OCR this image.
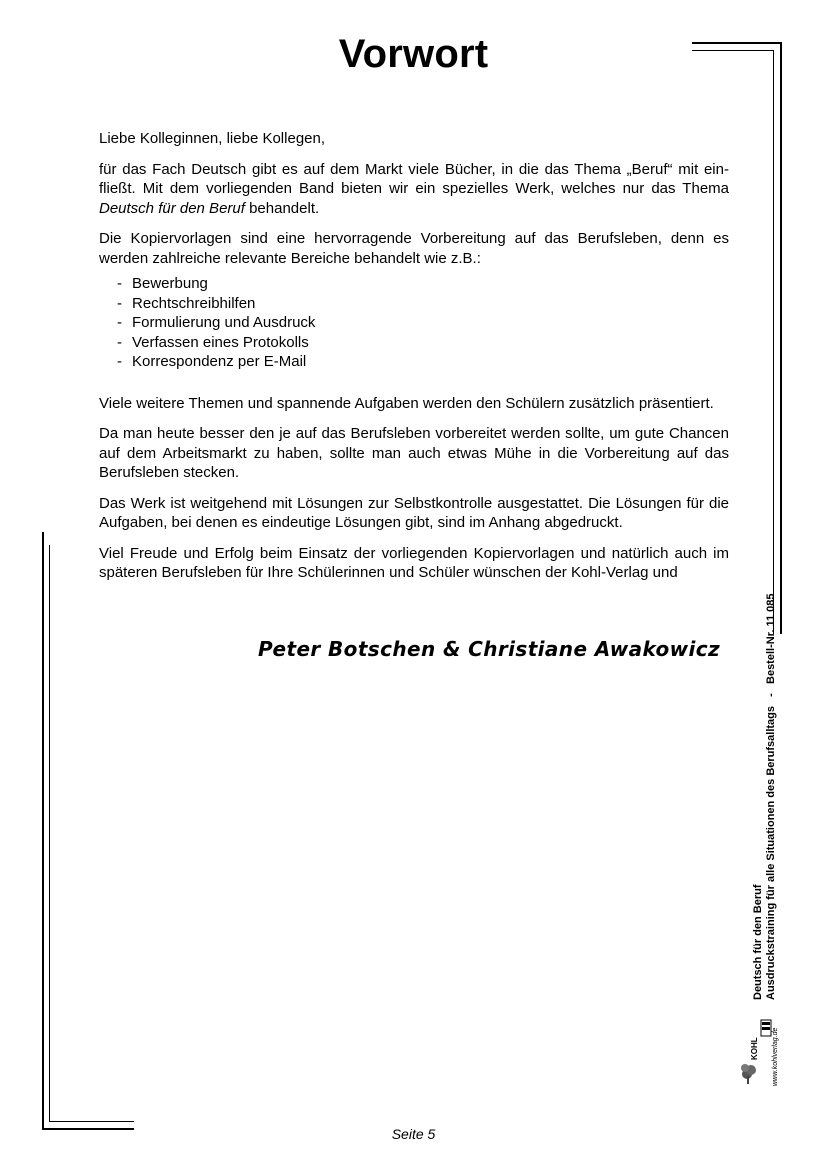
Vorwort

Liebe Kolleginnen, liebe Kollegen,

für das Fach Deutsch gibt es auf dem Markt viele Bücher, in die das Thema „Beruf“ mit einfließt. Mit dem vorliegenden Band bieten wir ein spezielles Werk, welches nur das Thema Deutsch für den Beruf behandelt.

Die Kopiervorlagen sind eine hervorragende Vorbereitung auf das Berufsleben, denn es werden zahlreiche relevante Bereiche behandelt wie z.B.:

- Bewerbung
- Rechtschreibhilfen
- Formulierung und Ausdruck
- Verfassen eines Protokolls
- Korrespondenz per E-Mail

Viele weitere Themen und spannende Aufgaben werden den Schülern zusätzlich präsentiert.

Da man heute besser den je auf das Berufsleben vorbereitet werden sollte, um gute Chancen auf dem Arbeitsmarkt zu haben, sollte man auch etwas Mühe in die Vorbereitung auf das Berufsleben stecken.

Das Werk ist weitgehend mit Lösungen zur Selbstkontrolle ausgestattet. Die Lösungen für die Aufgaben, bei denen es eindeutige Lösungen gibt, sind im Anhang abgedruckt.

Viel Freude und Erfolg beim Einsatz der vorliegenden Kopiervorlagen und natürlich auch im späteren Berufsleben für Ihre Schülerinnen und Schüler wünschen der Kohl-Verlag und

Peter Botschen & Christiane Awakowicz
Deutsch für den Beruf Ausdruckstraining für alle Situationen des Berufsalltags   -   Bestell-Nr. 11 085
KOHL www.kohlverlag.de
Seite 5
